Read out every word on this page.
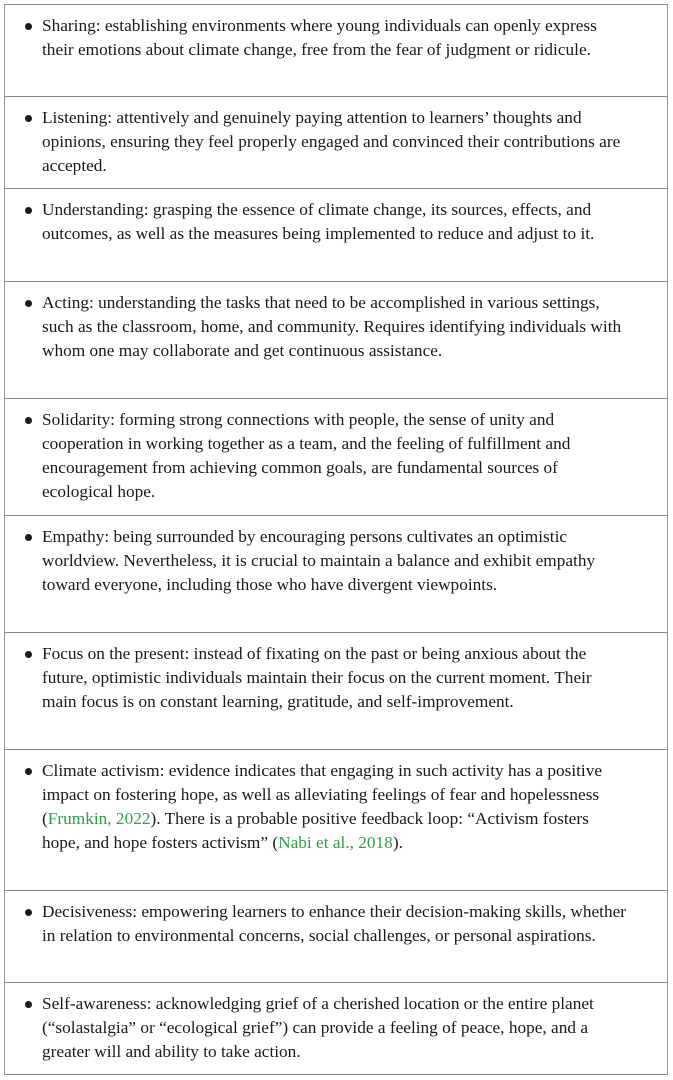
Sharing: establishing environments where young individuals can openly express their emotions about climate change, free from the fear of judgment or ridicule.
Listening: attentively and genuinely paying attention to learners’ thoughts and opinions, ensuring they feel properly engaged and convinced their contributions are accepted.
Understanding: grasping the essence of climate change, its sources, effects, and outcomes, as well as the measures being implemented to reduce and adjust to it.
Acting: understanding the tasks that need to be accomplished in various settings, such as the classroom, home, and community. Requires identifying individuals with whom one may collaborate and get continuous assistance.
Solidarity: forming strong connections with people, the sense of unity and cooperation in working together as a team, and the feeling of fulfillment and encouragement from achieving common goals, are fundamental sources of ecological hope.
Empathy: being surrounded by encouraging persons cultivates an optimistic worldview. Nevertheless, it is crucial to maintain a balance and exhibit empathy toward everyone, including those who have divergent viewpoints.
Focus on the present: instead of fixating on the past or being anxious about the future, optimistic individuals maintain their focus on the current moment. Their main focus is on constant learning, gratitude, and self-improvement.
Climate activism: evidence indicates that engaging in such activity has a positive impact on fostering hope, as well as alleviating feelings of fear and hopelessness (Frumkin, 2022). There is a probable positive feedback loop: “Activism fosters hope, and hope fosters activism” (Nabi et al., 2018).
Decisiveness: empowering learners to enhance their decision-making skills, whether in relation to environmental concerns, social challenges, or personal aspirations.
Self-awareness: acknowledging grief of a cherished location or the entire planet (“solastalgia” or “ecological grief”) can provide a feeling of peace, hope, and a greater will and ability to take action.
